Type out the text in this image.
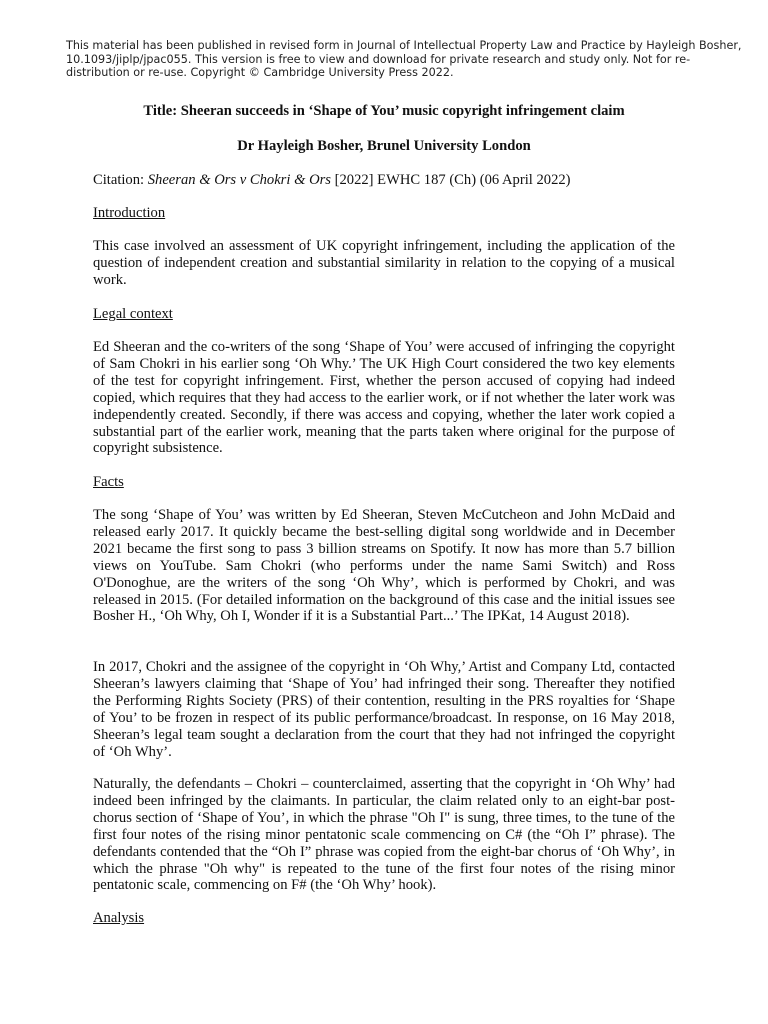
This material has been published in revised form in Journal of Intellectual Property Law and Practice by Hayleigh Bosher, 10.1093/jiplp/jpac055. This version is free to view and download for private research and study only. Not for re-distribution or re-use. Copyright © Cambridge University Press 2022.
Title: Sheeran succeeds in ‘Shape of You’ music copyright infringement claim
Dr Hayleigh Bosher, Brunel University London
Citation: Sheeran & Ors v Chokri & Ors [2022] EWHC 187 (Ch) (06 April 2022)
Introduction
This case involved an assessment of UK copyright infringement, including the application of the question of independent creation and substantial similarity in relation to the copying of a musical work.
Legal context
Ed Sheeran and the co-writers of the song ‘Shape of You’ were accused of infringing the copyright of Sam Chokri in his earlier song ‘Oh Why.’ The UK High Court considered the two key elements of the test for copyright infringement. First, whether the person accused of copying had indeed copied, which requires that they had access to the earlier work, or if not whether the later work was independently created. Secondly, if there was access and copying, whether the later work copied a substantial part of the earlier work, meaning that the parts taken where original for the purpose of copyright subsistence.
Facts
The song ‘Shape of You’ was written by Ed Sheeran, Steven McCutcheon and John McDaid and released early 2017. It quickly became the best-selling digital song worldwide and in December 2021 became the first song to pass 3 billion streams on Spotify. It now has more than 5.7 billion views on YouTube. Sam Chokri (who performs under the name Sami Switch) and Ross O'Donoghue, are the writers of the song ‘Oh Why’, which is performed by Chokri, and was released in 2015. (For detailed information on the background of this case and the initial issues see Bosher H., ‘Oh Why, Oh I, Wonder if it is a Substantial Part...’ The IPKat, 14 August 2018).
In 2017, Chokri and the assignee of the copyright in ‘Oh Why,’ Artist and Company Ltd, contacted Sheeran’s lawyers claiming that ‘Shape of You’ had infringed their song. Thereafter they notified the Performing Rights Society (PRS) of their contention, resulting in the PRS royalties for ‘Shape of You’ to be frozen in respect of its public performance/broadcast. In response, on 16 May 2018, Sheeran’s legal team sought a declaration from the court that they had not infringed the copyright of ‘Oh Why’.
Naturally, the defendants – Chokri – counterclaimed, asserting that the copyright in ‘Oh Why’ had indeed been infringed by the claimants. In particular, the claim related only to an eight-bar post-chorus section of ‘Shape of You’, in which the phrase "Oh I" is sung, three times, to the tune of the first four notes of the rising minor pentatonic scale commencing on C# (the “Oh I” phrase). The defendants contended that the “Oh I” phrase was copied from the eight-bar chorus of ‘Oh Why’, in which the phrase "Oh why" is repeated to the tune of the first four notes of the rising minor pentatonic scale, commencing on F# (the ‘Oh Why’ hook).
Analysis
